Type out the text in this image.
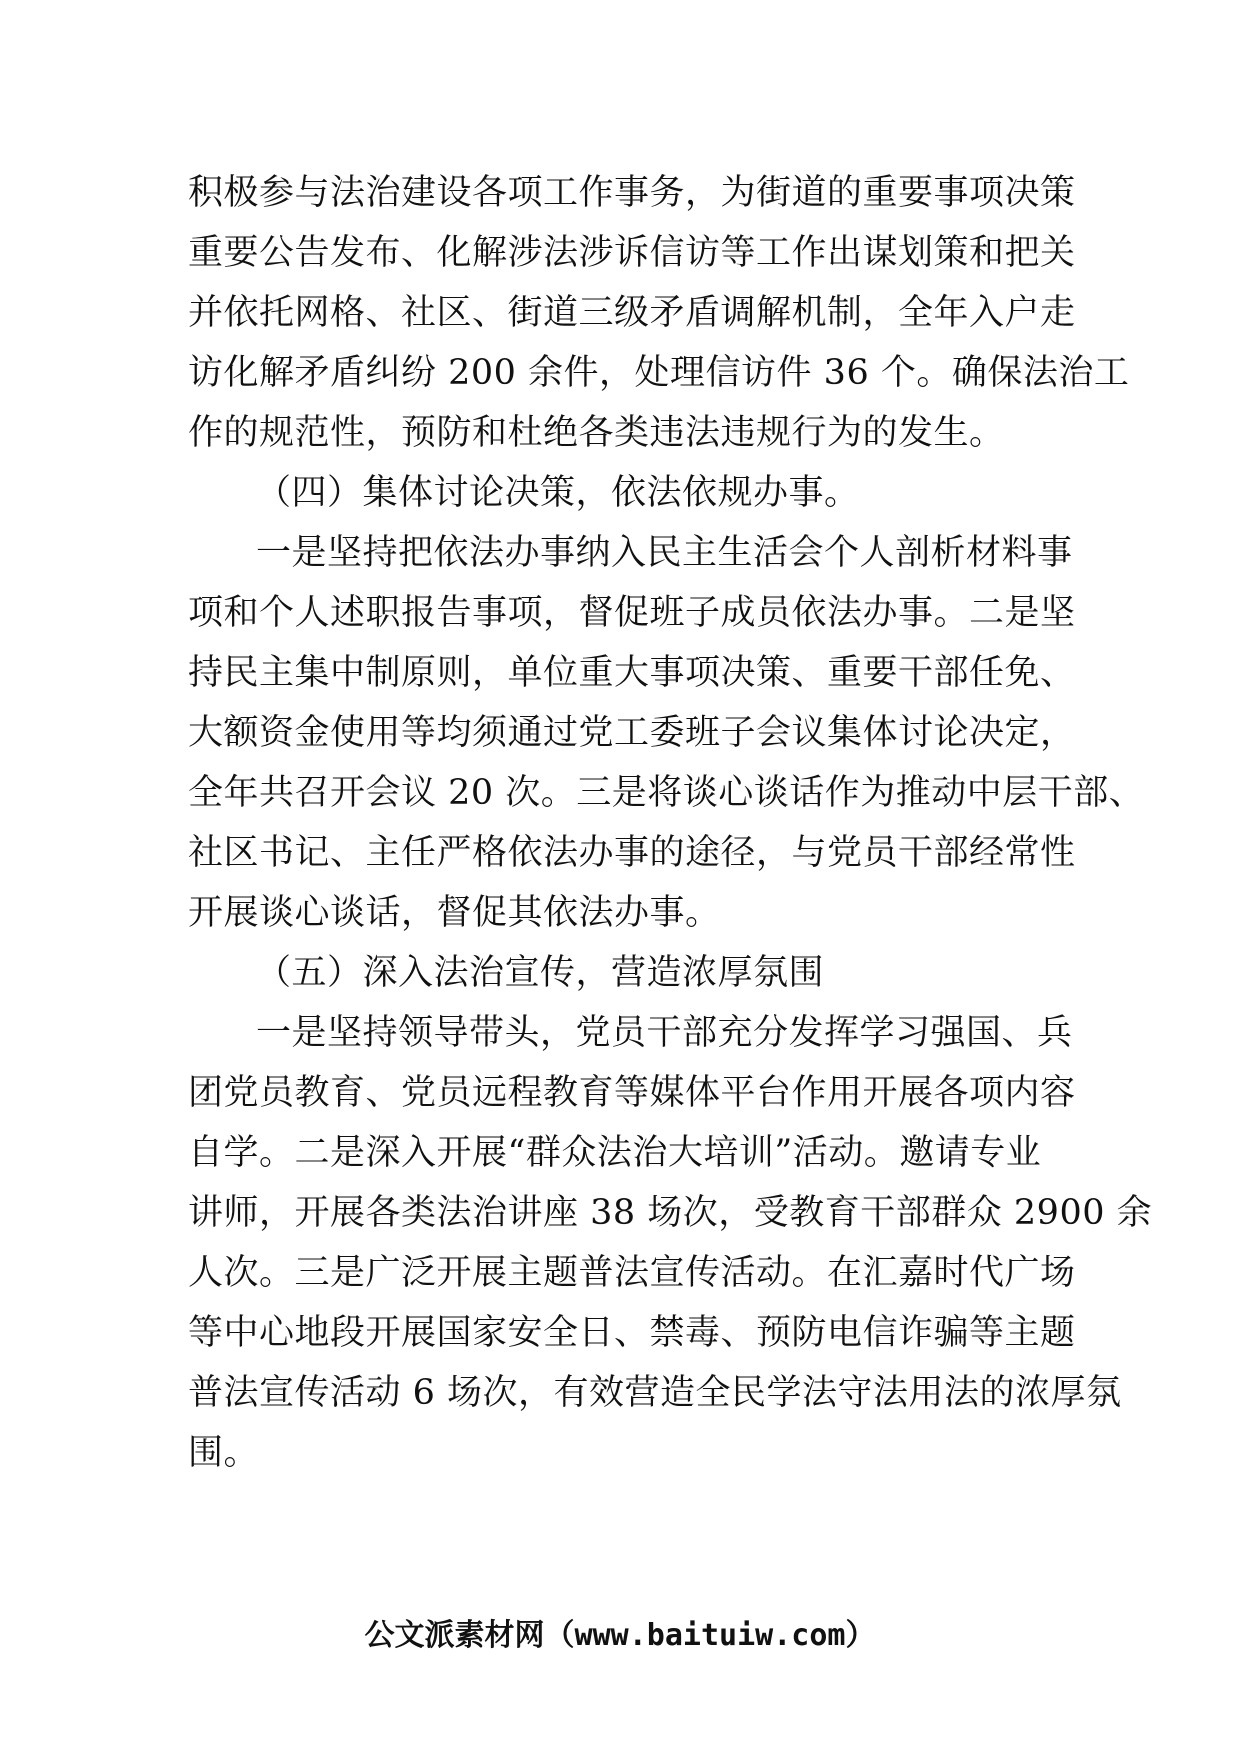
积极参与法治建设各项工作事务，为街道的重要事项决策
重要公告发布、化解涉法涉诉信访等工作出谋划策和把关
并依托网格、社区、街道三级矛盾调解机制，全年入户走
访化解矛盾纠纷 200 余件，处理信访件 36 个。确保法治工
作的规范性，预防和杜绝各类违法违规行为的发生。
（四）集体讨论决策，依法依规办事。
一是坚持把依法办事纳入民主生活会个人剖析材料事
项和个人述职报告事项，督促班子成员依法办事。二是坚
持民主集中制原则，单位重大事项决策、重要干部任免、
大额资金使用等均须通过党工委班子会议集体讨论决定，
全年共召开会议 20 次。三是将谈心谈话作为推动中层干部、
社区书记、主任严格依法办事的途径，与党员干部经常性
开展谈心谈话，督促其依法办事。
（五）深入法治宣传，营造浓厚氛围
一是坚持领导带头，党员干部充分发挥学习强国、兵
团党员教育、党员远程教育等媒体平台作用开展各项内容
自学。二是深入开展“群众法治大培训”活动。邀请专业
讲师，开展各类法治讲座 38 场次，受教育干部群众 2900 余
人次。三是广泛开展主题普法宣传活动。在汇嘉时代广场
等中心地段开展国家安全日、禁毒、预防电信诈骗等主题
普法宣传活动 6 场次，有效营造全民学法守法用法的浓厚氛
围。
公文派素材网（www.baituiw.com）
